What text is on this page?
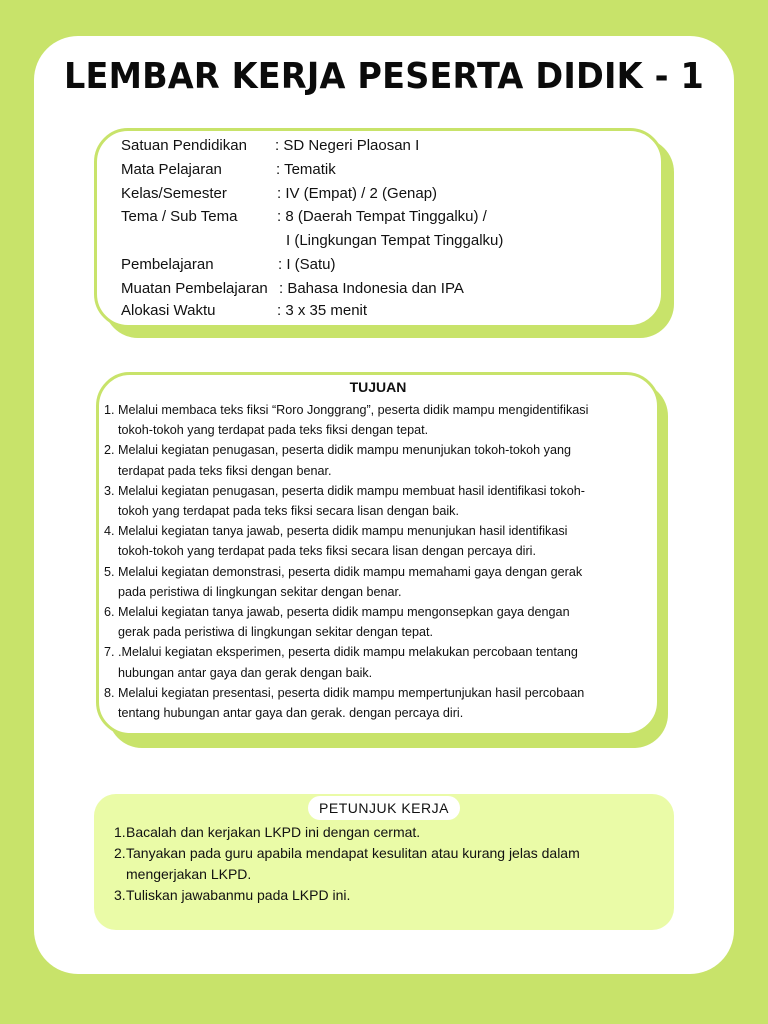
LEMBAR KERJA PESERTA DIDIK - 1
Satuan Pendidikan : SD Negeri Plaosan I
Mata Pelajaran	: Tematik
Kelas/Semester	: IV (Empat) / 2 (Genap)
Tema / Sub Tema	: 8 (Daerah Tempat Tinggalku) /
I (Lingkungan Tempat Tinggalku)
Pembelajaran	: I (Satu)
Muatan Pembelajaran : Bahasa Indonesia dan IPA
Alokasi Waktu	: 3 x 35 menit
TUJUAN
1. Melalui membaca teks fiksi “Roro Jonggrang”, peserta didik mampu mengidentifikasi
tokoh-tokoh yang terdapat pada teks fiksi dengan tepat.
2. Melalui kegiatan penugasan, peserta didik mampu menunjukan tokoh-tokoh yang
terdapat pada teks fiksi dengan benar.
3. Melalui kegiatan penugasan, peserta didik mampu membuat hasil identifikasi tokoh-
tokoh yang terdapat pada teks fiksi secara lisan dengan baik.
4. Melalui kegiatan tanya jawab, peserta didik mampu menunjukan hasil identifikasi
tokoh-tokoh yang terdapat pada teks fiksi secara lisan dengan percaya diri.
5. Melalui kegiatan demonstrasi, peserta didik mampu memahami gaya dengan gerak
pada peristiwa di lingkungan sekitar dengan benar.
6. Melalui kegiatan tanya jawab, peserta didik mampu mengonsepkan gaya dengan
gerak pada peristiwa di lingkungan sekitar dengan tepat.
7. .Melalui kegiatan eksperimen, peserta didik mampu melakukan percobaan tentang
hubungan antar gaya dan gerak dengan baik.
8. Melalui kegiatan presentasi, peserta didik mampu mempertunjukan hasil percobaan
tentang hubungan antar gaya dan gerak. dengan percaya diri.
PETUNJUK KERJA
1. Bacalah dan kerjakan LKPD ini dengan cermat.
2. Tanyakan pada guru apabila mendapat kesulitan atau kurang jelas dalam
mengerjakan LKPD.
3. Tuliskan jawabanmu pada LKPD ini.
